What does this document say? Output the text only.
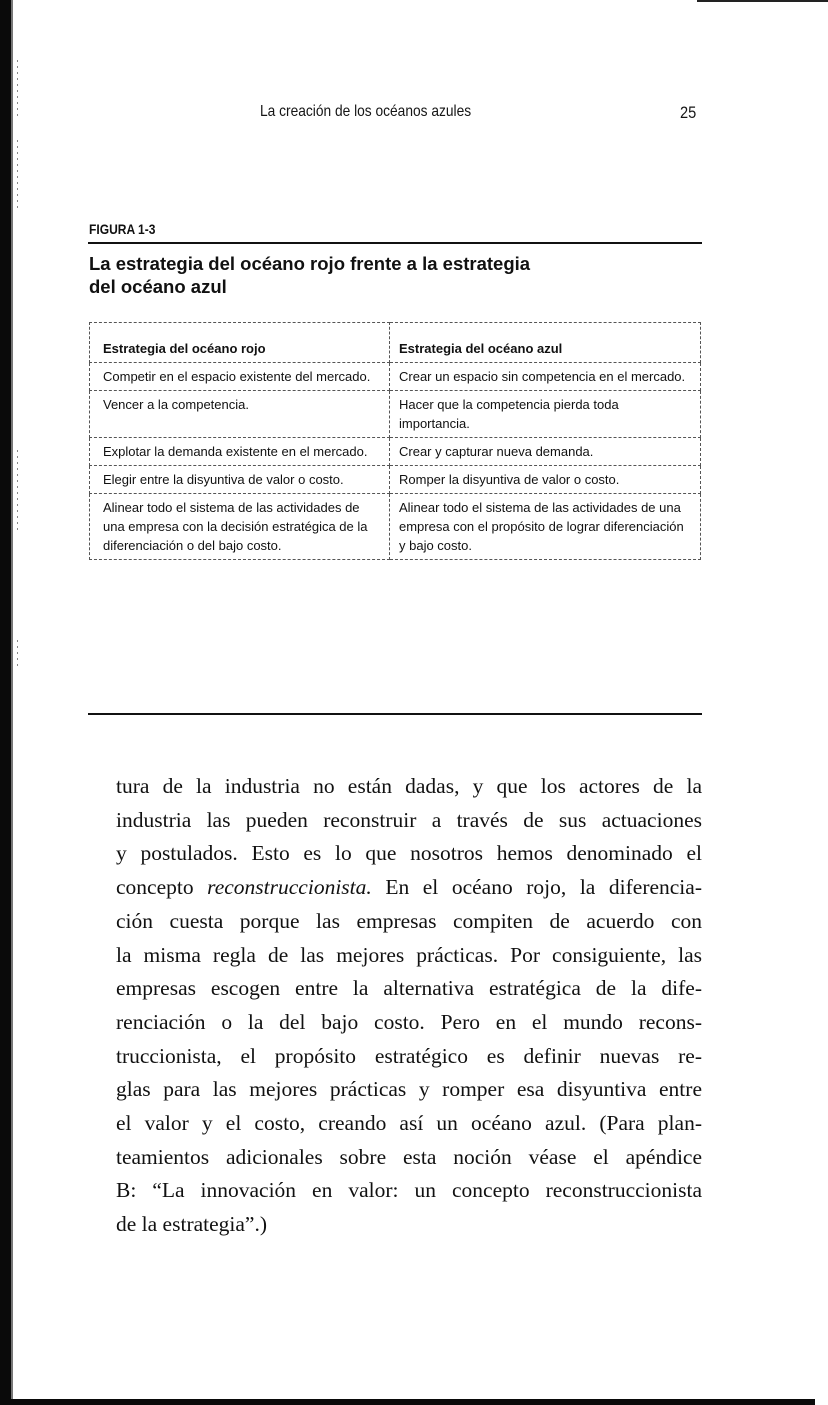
La creación de los océanos azules	25
FIGURA 1-3
La estrategia del océano rojo frente a la estrategia
del océano azul
Estrategia del océano rojo	Estrategia del océano azul
Competir en el espacio existente del mercado.	Crear un espacio sin competencia en el mercado.
Vencer a la competencia.	Hacer que la competencia pierda toda importancia.
Explotar la demanda existente en el mercado.	Crear y capturar nueva demanda.
Elegir entre la disyuntiva de valor o costo.	Romper la disyuntiva de valor o costo.
Alinear todo el sistema de las actividades de una empresa con la decisión estratégica de la diferenciación o del bajo costo.	Alinear todo el sistema de las actividades de una empresa con el propósito de lograr diferenciación y bajo costo.
tura de la industria no están dadas, y que los actores de la
industria las pueden reconstruir a través de sus actuaciones
y postulados. Esto es lo que nosotros hemos denominado el
concepto reconstruccionista. En el océano rojo, la diferencia-
ción cuesta porque las empresas compiten de acuerdo con
la misma regla de las mejores prácticas. Por consiguiente, las
empresas escogen entre la alternativa estratégica de la dife-
renciación o la del bajo costo. Pero en el mundo recons-
truccionista, el propósito estratégico es definir nuevas re-
glas para las mejores prácticas y romper esa disyuntiva entre
el valor y el costo, creando así un océano azul. (Para plan-
teamientos adicionales sobre esta noción véase el apéndice
B: “La innovación en valor: un concepto reconstruccionista
de la estrategia”.)
